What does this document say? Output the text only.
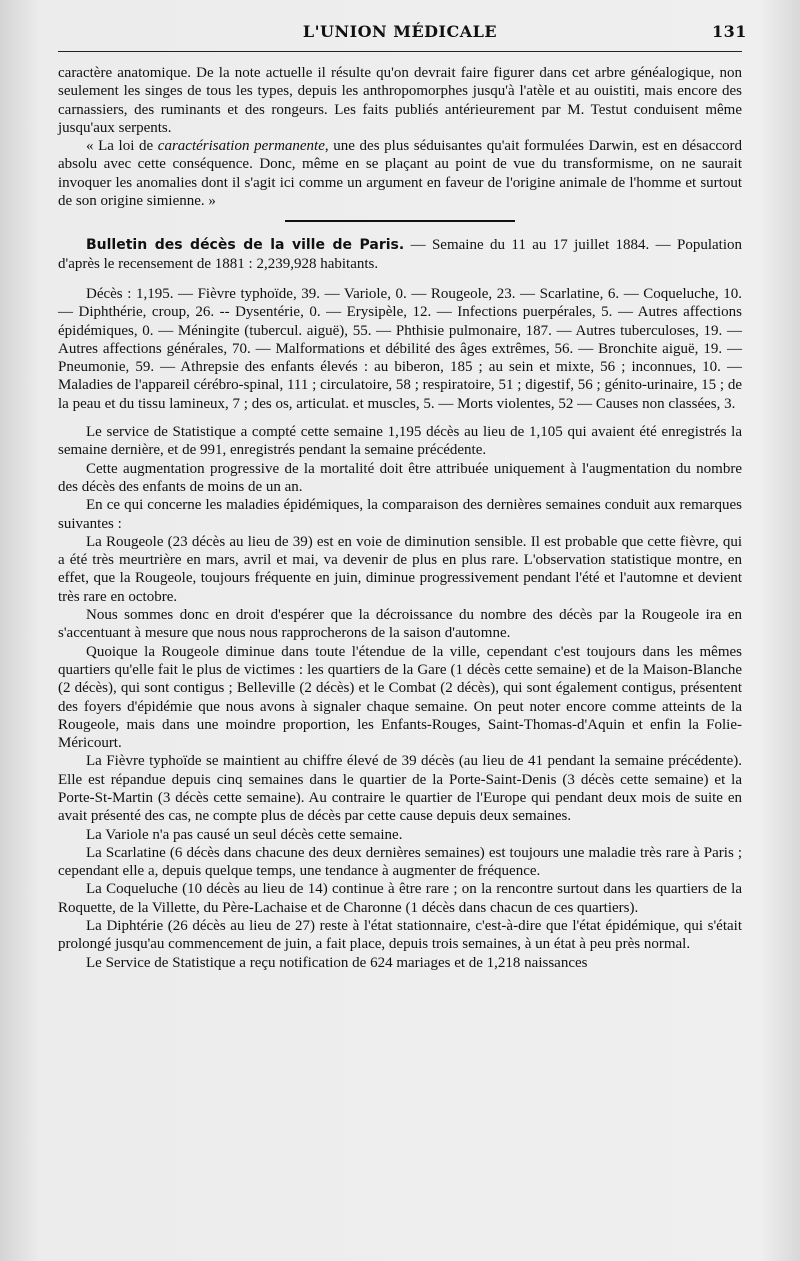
L'UNION MÉDICALE	131

caractère anatomique. De la note actuelle il résulte qu'on devrait faire figurer dans cet arbre généalogique, non seulement les singes de tous les types, depuis les anthropomorphes jusqu'à l'atèle et au ouistiti, mais encore des carnassiers, des ruminants et des rongeurs. Les faits publiés antérieurement par M. Testut conduisent même jusqu'aux serpents.

« La loi de caractérisation permanente, une des plus séduisantes qu'ait formulées Darwin, est en désaccord absolu avec cette conséquence. Donc, même en se plaçant au point de vue du transformisme, on ne saurait invoquer les anomalies dont il s'agit ici comme un argument en faveur de l'origine animale de l'homme et surtout de son origine simienne. »

Bulletin des décès de la ville de Paris. — Semaine du 11 au 17 juillet 1884. — Population d'après le recensement de 1881 : 2,239,928 habitants.

Décès : 1,195. — Fièvre typhoïde, 39. — Variole, 0. — Rougeole, 23. — Scarlatine, 6. — Coqueluche, 10. — Diphthérie, croup, 26. -- Dysentérie, 0. — Erysipèle, 12. — Infections puerpérales, 5. — Autres affections épidémiques, 0. — Méningite (tubercul. aiguë), 55. — Phthisie pulmonaire, 187. — Autres tuberculoses, 19. — Autres affections générales, 70. — Malformations et débilité des âges extrêmes, 56. — Bronchite aiguë, 19. — Pneumonie, 59. — Athrepsie des enfants élevés : au biberon, 185 ; au sein et mixte, 56 ; inconnues, 10. — Maladies de l'appareil cérébro-spinal, 111 ; circulatoire, 58 ; respiratoire, 51 ; digestif, 56 ; génito-urinaire, 15 ; de la peau et du tissu lamineux, 7 ; des os, articulat. et muscles, 5. — Morts violentes, 52 — Causes non classées, 3.

Le service de Statistique a compté cette semaine 1,195 décès au lieu de 1,105 qui avaient été enregistrés la semaine dernière, et de 991, enregistrés pendant la semaine précédente.

Cette augmentation progressive de la mortalité doit être attribuée uniquement à l'augmentation du nombre des décès des enfants de moins de un an.

En ce qui concerne les maladies épidémiques, la comparaison des dernières semaines conduit aux remarques suivantes :

La Rougeole (23 décès au lieu de 39) est en voie de diminution sensible. Il est probable que cette fièvre, qui a été très meurtrière en mars, avril et mai, va devenir de plus en plus rare. L'observation statistique montre, en effet, que la Rougeole, toujours fréquente en juin, diminue progressivement pendant l'été et l'automne et devient très rare en octobre.

Nous sommes donc en droit d'espérer que la décroissance du nombre des décès par la Rougeole ira en s'accentuant à mesure que nous nous rapprocherons de la saison d'automne.

Quoique la Rougeole diminue dans toute l'étendue de la ville, cependant c'est toujours dans les mêmes quartiers qu'elle fait le plus de victimes : les quartiers de la Gare (1 décès cette semaine) et de la Maison-Blanche (2 décès), qui sont contigus ; Belleville (2 décès) et le Combat (2 décès), qui sont également contigus, présentent des foyers d'épidémie que nous avons à signaler chaque semaine. On peut noter encore comme atteints de la Rougeole, mais dans une moindre proportion, les Enfants-Rouges, Saint-Thomas-d'Aquin et enfin la Folie-Méricourt.

La Fièvre typhoïde se maintient au chiffre élevé de 39 décès (au lieu de 41 pendant la semaine précédente). Elle est répandue depuis cinq semaines dans le quartier de la Porte-Saint-Denis (3 décès cette semaine) et la Porte-St-Martin (3 décès cette semaine). Au contraire le quartier de l'Europe qui pendant deux mois de suite en avait présenté des cas, ne compte plus de décès par cette cause depuis deux semaines.

La Variole n'a pas causé un seul décès cette semaine.

La Scarlatine (6 décès dans chacune des deux dernières semaines) est toujours une maladie très rare à Paris ; cependant elle a, depuis quelque temps, une tendance à augmenter de fréquence.

La Coqueluche (10 décès au lieu de 14) continue à être rare ; on la rencontre surtout dans les quartiers de la Roquette, de la Villette, du Père-Lachaise et de Charonne (1 décès dans chacun de ces quartiers).

La Diphtérie (26 décès au lieu de 27) reste à l'état stationnaire, c'est-à-dire que l'état épidémique, qui s'était prolongé jusqu'au commencement de juin, a fait place, depuis trois semaines, à un état à peu près normal.

Le Service de Statistique a reçu notification de 624 mariages et de 1,218 naissances
